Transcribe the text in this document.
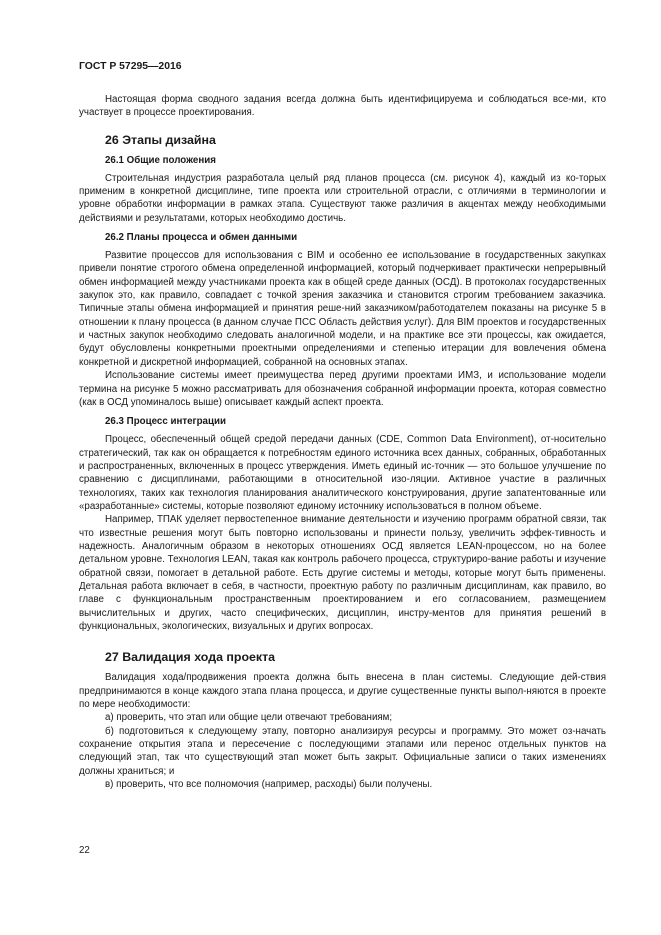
ГОСТ Р 57295—2016

Настоящая форма сводного задания всегда должна быть идентифицируема и соблюдаться все-ми, кто участвует в процессе проектирования.

26 Этапы дизайна
26.1 Общие положения

Строительная индустрия разработала целый ряд планов процесса (см. рисунок 4), каждый из ко-торых применим в конкретной дисциплине, типе проекта или строительной отрасли, с отличиями в терминологии и уровне обработки информации в рамках этапа. Существуют также различия в акцентах между необходимыми действиями и результатами, которых необходимо достичь.

26.2 Планы процесса и обмен данными

Развитие процессов для использования с BIM и особенно ее использование в государственных закупках привели понятие строгого обмена определенной информацией, который подчеркивает практически непрерывный обмен информацией между участниками проекта как в общей среде данных (ОСД). В протоколах государственных закупок это, как правило, совпадает с точкой зрения заказчика и становится строгим требованием заказчика. Типичные этапы обмена информацией и принятия реше-ний заказчиком/работодателем показаны на рисунке 5 в отношении к плану процесса (в данном случае ПСС Область действия услуг). Для BIM проектов и государственных и частных закупок необходимо следовать аналогичной модели, и на практике все эти процессы, как ожидается, будут обусловлены конкретными проектными определениями и степенью итерации для вовлечения обмена конкретной и дискретной информацией, собранной на основных этапах.

Использование системы имеет преимущества перед другими проектами ИМЗ, и использование модели термина на рисунке 5 можно рассматривать для обозначения собранной информации проекта, которая совместно (как в ОСД упоминалось выше) описывает каждый аспект проекта.

26.3 Процесс интеграции

Процесс, обеспеченный общей средой передачи данных (CDE, Common Data Environment), от-носительно стратегический, так как он обращается к потребностям единого источника всех данных, собранных, обработанных и распространенных, включенных в процесс утверждения. Иметь единый ис-точник — это большое улучшение по сравнению с дисциплинами, работающими в относительной изо-ляции. Активное участие в различных технологиях, таких как технология планирования аналитического конструирования, другие запатентованные или «разработанные» системы, которые позволяют единому источнику использоваться в полном объеме.

Например, ТПАК уделяет первостепенное внимание деятельности и изучению программ обратной связи, так что известные решения могут быть повторно использованы и принести пользу, увеличить эффек-тивность и надежность. Аналогичным образом в некоторых отношениях ОСД является LEAN-процессом, но на более детальном уровне. Технология LEAN, такая как контроль рабочего процесса, структуриро-вание работы и изучение обратной связи, помогает в детальной работе. Есть другие системы и методы, которые могут быть применены. Детальная работа включает в себя, в частности, проектную работу по различным дисциплинам, как правило, во главе с функциональным пространственным проектированием и его согласованием, размещением вычислительных и других, часто специфических, дисциплин, инстру-ментов для принятия решений в функциональных, экологических, визуальных и других вопросах.

27 Валидация хода проекта

Валидация хода/продвижения проекта должна быть внесена в план системы. Следующие дей-ствия предпринимаются в конце каждого этапа плана процесса, и другие существенные пункты выпол-няются в проекте по мере необходимости:

а) проверить, что этап или общие цели отвечают требованиям;

б) подготовиться к следующему этапу, повторно анализируя ресурсы и программу. Это может оз-начать сохранение открытия этапа и пересечение с последующими этапами или перенос отдельных пунктов на следующий этап, так что существующий этап может быть закрыт. Официальные записи о таких изменениях должны храниться; и

в) проверить, что все полномочия (например, расходы) были получены.

22
